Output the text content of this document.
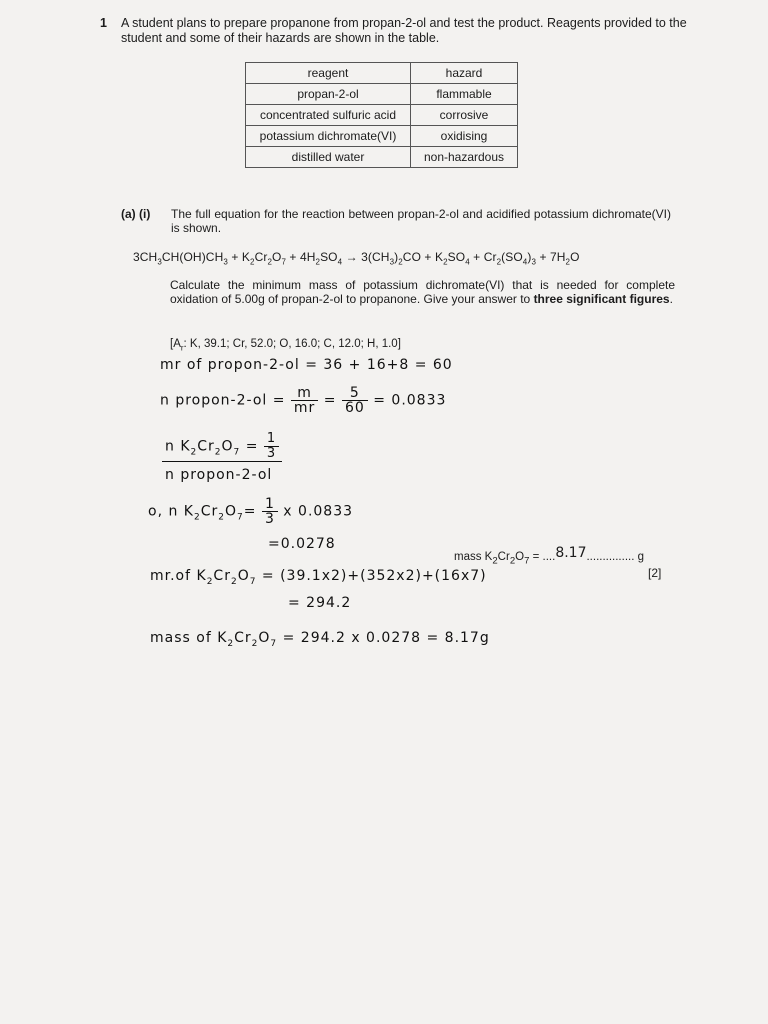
1 A student plans to prepare propanone from propan-2-ol and test the product. Reagents provided to the student and some of their hazards are shown in the table.
reagent	hazard
propan-2-ol	flammable
concentrated sulfuric acid	corrosive
potassium dichromate(VI)	oxidising
distilled water	non-hazardous
(a) (i)	The full equation for the reaction between propan-2-ol and acidified potassium dichromate(VI) is shown.
$3CH_3CH(OH)CH_3 + K_2Cr_2O_7 + 4H_2SO_4 \to 3(CH_3)_2CO + K_2SO_4 + Cr_2(SO_4)_3 + 7H_2O$
Calculate the minimum mass of potassium dichromate(VI) that is needed for complete oxidation of 5.00g of propan-2-ol to propanone. Give your answer to three significant figures.
[$A_r$: K, 39.1; Cr, 52.0; O, 16.0; C, 12.0; H, 1.0]
mr of propon-2-ol = 36 + 16+8 = 60
n propon-2-ol = $\frac{m}{mr} = \frac{5}{60} = 0.0833$
$\frac{n K_2Cr_2O_7 = \frac{1}{3}}{\text{n propon-2-ol}}$
o, n $K_2Cr_2O_7= \frac{1}{3}$ x 0.0833
=0.0278
mass $K_2Cr_2O_7 = ....8.17$............... g
[2]
mr.of $K_2Cr_2O_7 = (39.1x2)+(352x2)+(16x7)$
= 294.2
mass of $K_2Cr_2O_7 = 294.2$ x 0.0278 = 8.17g
